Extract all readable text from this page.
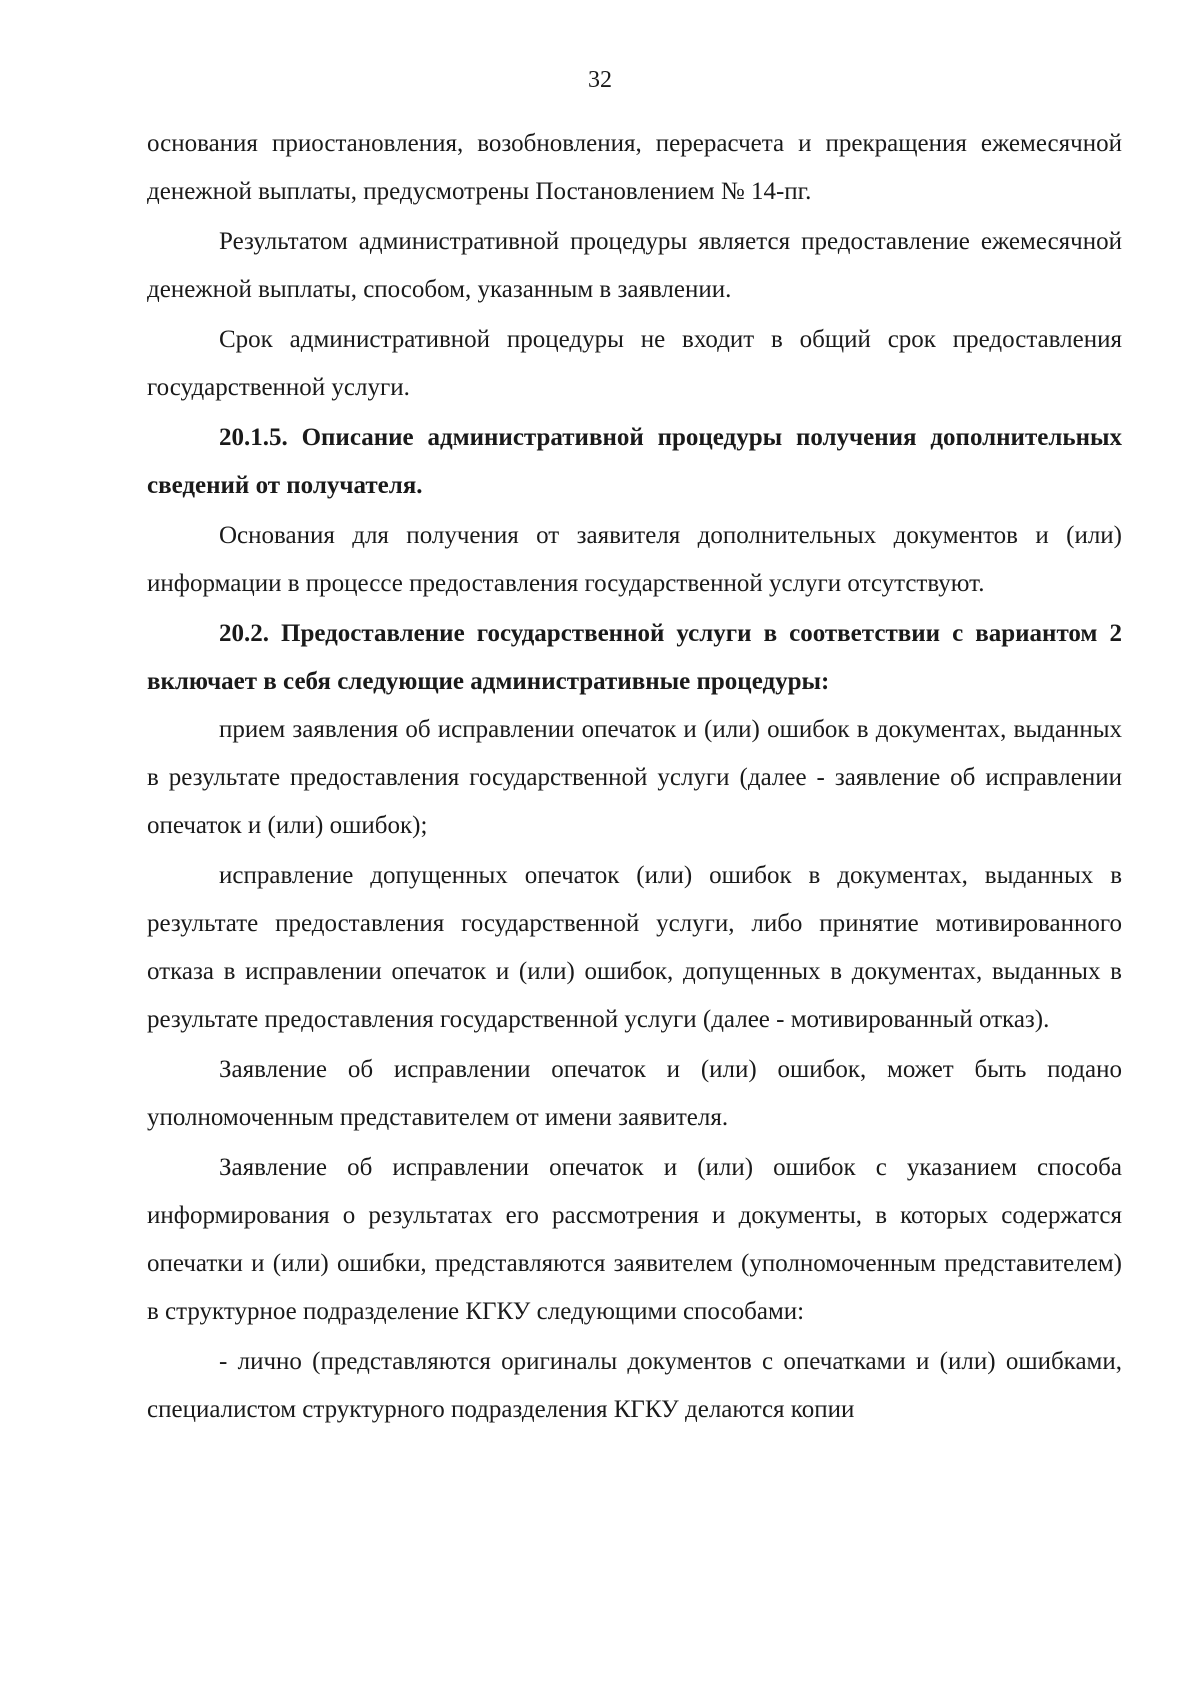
32

основания приостановления, возобновления, перерасчета и прекращения ежемесячной денежной выплаты, предусмотрены Постановлением № 14-пг.

Результатом административной процедуры является предоставление ежемесячной денежной выплаты, способом, указанным в заявлении.

Срок административной процедуры не входит в общий срок предоставления государственной услуги.

20.1.5. Описание административной процедуры получения дополнительных сведений от получателя.

Основания для получения от заявителя дополнительных документов и (или) информации в процессе предоставления государственной услуги отсутствуют.

20.2. Предоставление государственной услуги в соответствии с вариантом 2 включает в себя следующие административные процедуры:

прием заявления об исправлении опечаток и (или) ошибок в документах, выданных в результате предоставления государственной услуги (далее - заявление об исправлении опечаток и (или) ошибок);

исправление допущенных опечаток (или) ошибок в документах, выданных в результате предоставления государственной услуги, либо принятие мотивированного отказа в исправлении опечаток и (или) ошибок, допущенных в документах, выданных в результате предоставления государственной услуги (далее - мотивированный отказ).

Заявление об исправлении опечаток и (или) ошибок, может быть подано уполномоченным представителем от имени заявителя.

Заявление об исправлении опечаток и (или) ошибок с указанием способа информирования о результатах его рассмотрения и документы, в которых содержатся опечатки и (или) ошибки, представляются заявителем (уполномоченным представителем) в структурное подразделение КГКУ следующими способами:

- лично (представляются оригиналы документов с опечатками и (или) ошибками, специалистом структурного подразделения КГКУ делаются копии
